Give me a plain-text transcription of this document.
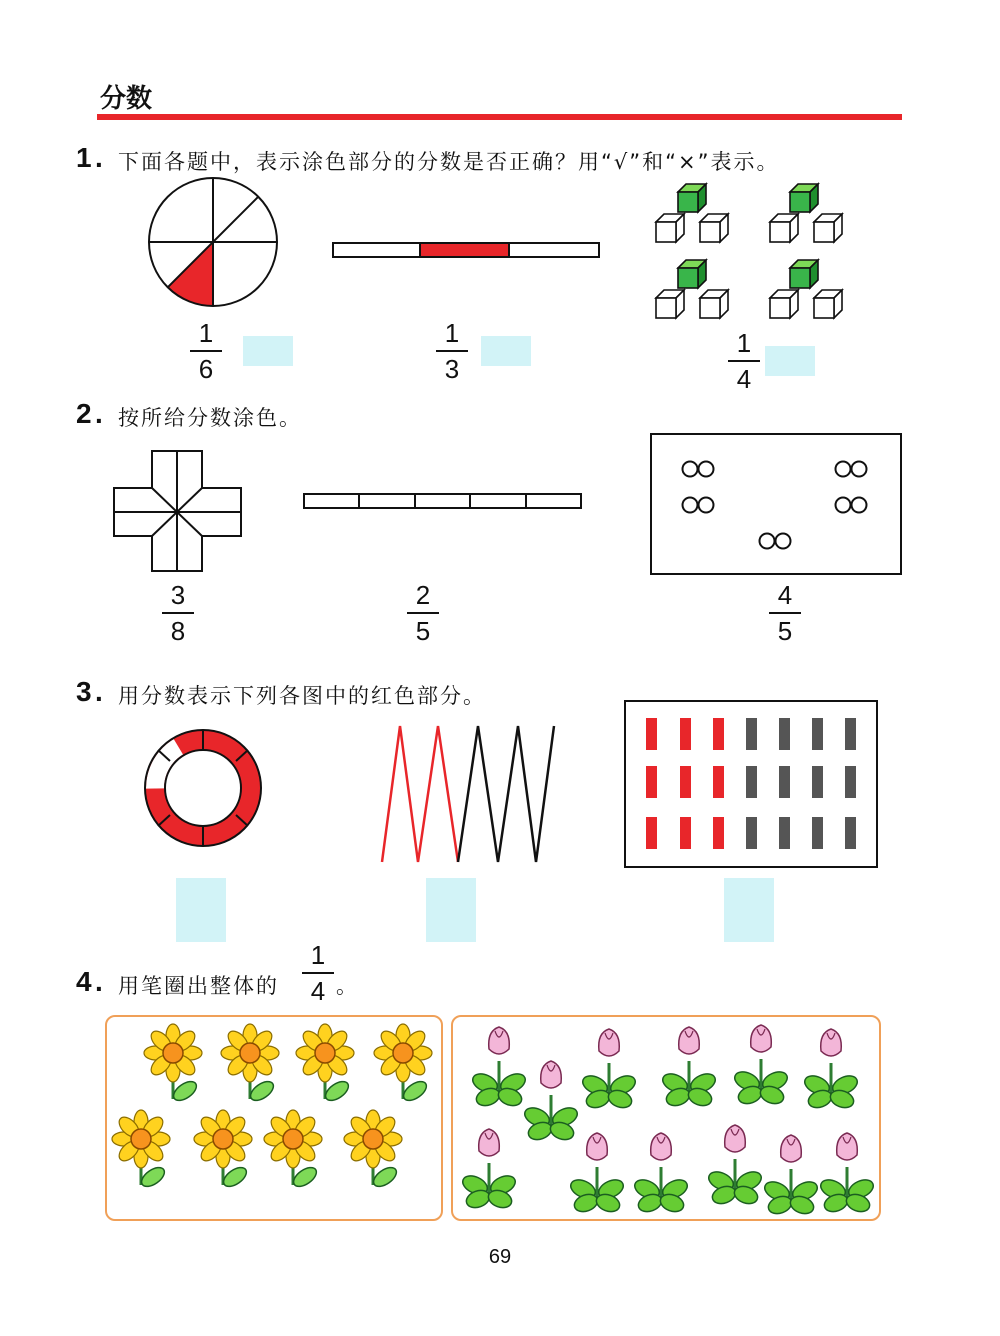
分数
1 . 下面各题中，表示涂色部分的分数是否正确？用“√”和“×”表示。
1
6
1
3
1
4
2 . 按所给分数涂色。
3
8
2
5
4
5
3 . 用分数表示下列各图中的红色部分。
4 . 用笔圈出整体的
1
4 。
69
